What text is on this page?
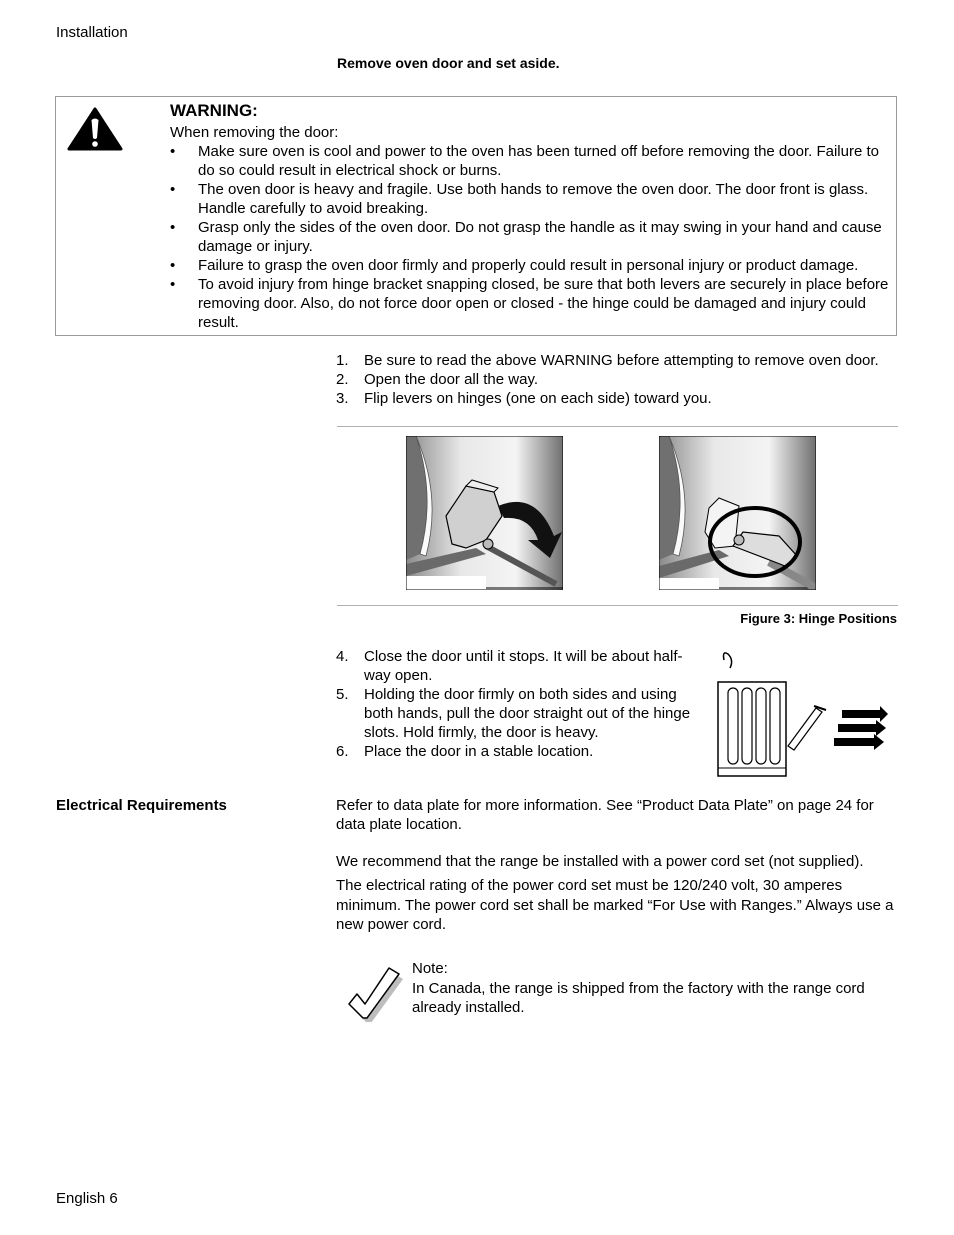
Installation
Remove oven door and set aside.
WARNING:
When removing the door:
• Make sure oven is cool and power to the oven has been turned off before removing the door. Failure to do so could result in electrical shock or burns.
• The oven door is heavy and fragile. Use both hands to remove the oven door. The door front is glass. Handle carefully to avoid breaking.
• Grasp only the sides of the oven door. Do not grasp the handle as it may swing in your hand and cause damage or injury.
• Failure to grasp the oven door firmly and properly could result in personal injury or product damage.
• To avoid injury from hinge bracket snapping closed, be sure that both levers are securely in place before removing door. Also, do not force door open or closed - the hinge could be damaged and injury could result.
1. Be sure to read the above WARNING before attempting to remove oven door.
2. Open the door all the way.
3. Flip levers on hinges (one on each side) toward you.
Figure 3: Hinge Positions
4. Close the door until it stops. It will be about half-way open.
5. Holding the door firmly on both sides and using both hands, pull the door straight out of the hinge slots. Hold firmly, the door is heavy.
6. Place the door in a stable location.
Electrical Requirements	Refer to data plate for more information. See “Product Data Plate” on page 24 for data plate location.
We recommend that the range be installed with a power cord set (not supplied).
The electrical rating of the power cord set must be 120/240 volt, 30 amperes minimum. The power cord set shall be marked “For Use with Ranges.” Always use a new power cord.
Note:
In Canada, the range is shipped from the factory with the range cord already installed.
English 6
